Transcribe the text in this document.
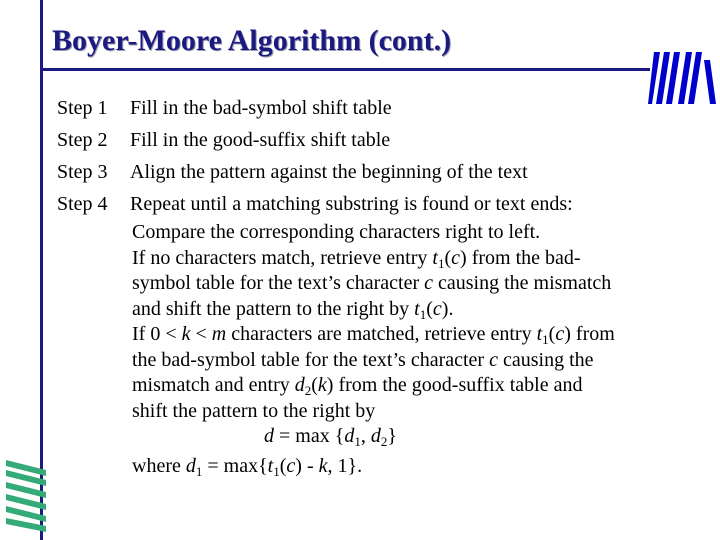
Boyer-Moore Algorithm (cont.)
Step 1	Fill in the bad-symbol shift table
Step 2	Fill in the good-suffix shift table
Step 3	Align the pattern against the beginning of the text
Step 4	Repeat until a matching substring is found or text ends:
Compare the corresponding characters right to left.
If no characters match, retrieve entry $t_1(c)$ from the bad-
symbol table for the text’s character c causing the mismatch
and shift the pattern to the right by $t_1(c)$.
If 0 < k < m characters are matched, retrieve entry $t_1(c)$ from
the bad-symbol table for the text’s character c causing the
mismatch and entry $d_2(k)$ from the good-suffix table and
shift the pattern to the right by
$d = \max \{d_1$, $d_2$}
where $d_1 = \max\{t_1(c) - k$, 1}.
